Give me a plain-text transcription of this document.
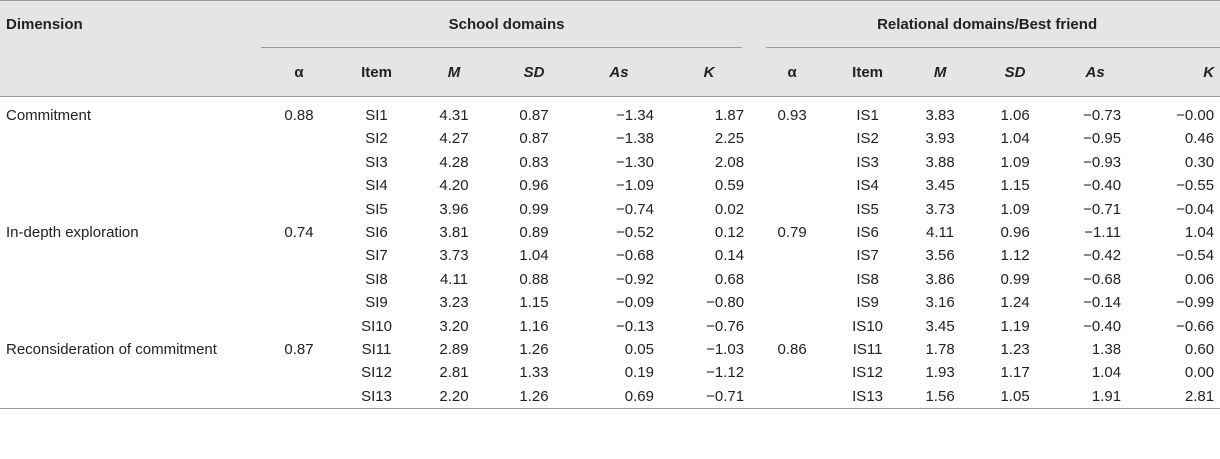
Dimension	School domains						Relational domains/Best friend					

	α	Item	M	SD	As	K	α	Item	M	SD	As	K
Commitment	0.88	SI1	4.31	0.87	−1.34	1.87	0.93	IS1	3.83	1.06	−0.73	−0.00
		SI2	4.27	0.87	−1.38	2.25		IS2	3.93	1.04	−0.95	0.46
		SI3	4.28	0.83	−1.30	2.08		IS3	3.88	1.09	−0.93	0.30
		SI4	4.20	0.96	−1.09	0.59		IS4	3.45	1.15	−0.40	−0.55
		SI5	3.96	0.99	−0.74	0.02		IS5	3.73	1.09	−0.71	−0.04
In-depth exploration	0.74	SI6	3.81	0.89	−0.52	0.12	0.79	IS6	4.11	0.96	−1.11	1.04
		SI7	3.73	1.04	−0.68	0.14		IS7	3.56	1.12	−0.42	−0.54
		SI8	4.11	0.88	−0.92	0.68		IS8	3.86	0.99	−0.68	0.06
		SI9	3.23	1.15	−0.09	−0.80		IS9	3.16	1.24	−0.14	−0.99
		SI10	3.20	1.16	−0.13	−0.76		IS10	3.45	1.19	−0.40	−0.66
Reconsideration of commitment	0.87	SI11	2.89	1.26	0.05	−1.03	0.86	IS11	1.78	1.23	1.38	0.60
		SI12	2.81	1.33	0.19	−1.12		IS12	1.93	1.17	1.04	0.00
		SI13	2.20	1.26	0.69	−0.71		IS13	1.56	1.05	1.91	2.81
